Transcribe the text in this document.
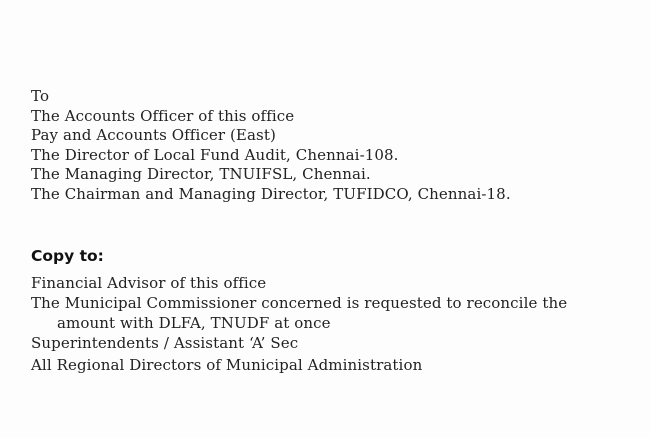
To
The Accounts Officer of this office
Pay and Accounts Officer (East)
The Director of Local Fund Audit, Chennai-108.
The Managing Director, TNUIFSL, Chennai.
The Chairman and Managing Director, TUFIDCO, Chennai-18.
Copy to:
Financial Advisor of this office
The Municipal Commissioner concerned is requested to reconcile the
amount with DLFA, TNUDF at once
Superintendents / Assistant ‘A’ Sec
All Regional Directors of Municipal Administration
